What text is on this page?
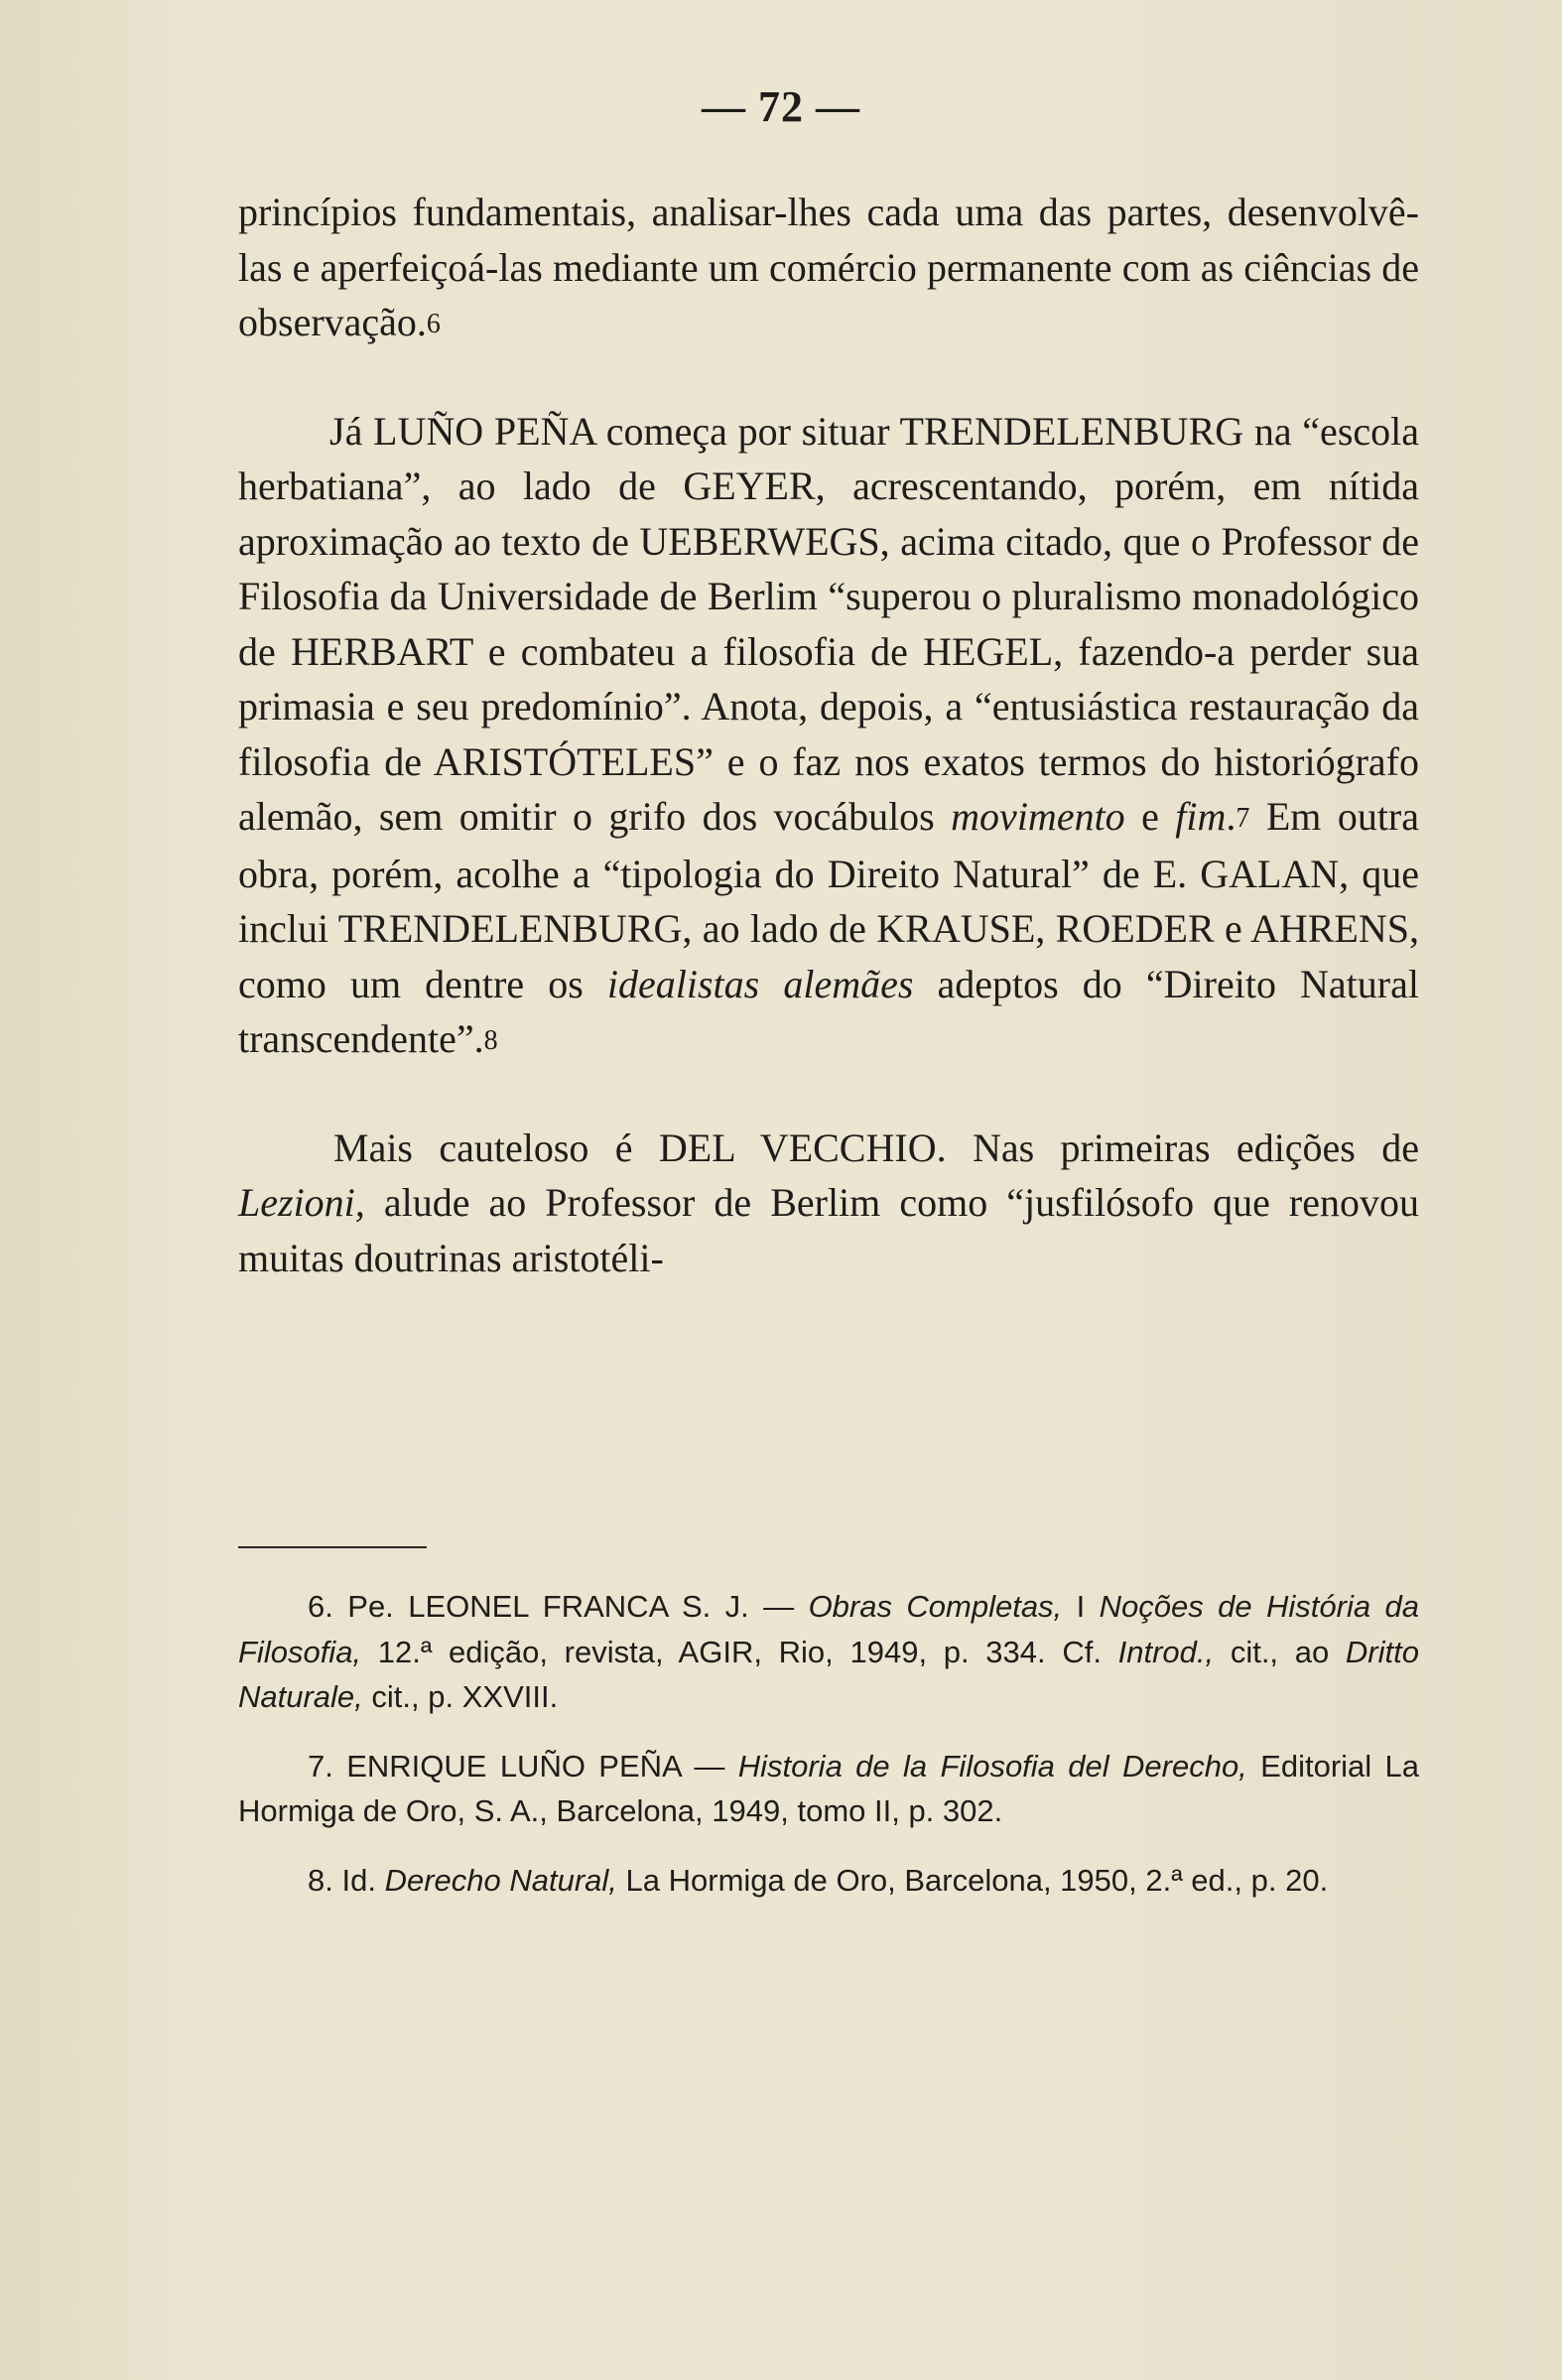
— 72 —

princípios fundamentais, analisar-lhes cada uma das partes, desenvolvê-las e aperfeiçoá-las mediante um comércio permanente com as ciências de observação.6

Já LUÑO PEÑA começa por situar TRENDELENBURG na “escola herbatiana”, ao lado de GEYER, acrescentando, porém, em nítida aproximação ao texto de UEBERWEGS, acima citado, que o Professor de Filosofia da Universidade de Berlim “superou o pluralismo monadológico de HERBART e combateu a filosofia de HEGEL, fazendo-a perder sua primasia e seu predomínio”. Anota, depois, a “entusiástica restauração da filosofia de ARISTÓTELES” e o faz nos exatos termos do historiógrafo alemão, sem omitir o grifo dos vocábulos movimento e fim.7 Em outra obra, porém, acolhe a “tipologia do Direito Natural” de E. GALAN, que inclui TRENDELENBURG, ao lado de KRAUSE, ROEDER e AHRENS, como um dentre os idealistas alemães adeptos do “Direito Natural transcendente”.8

Mais cauteloso é DEL VECCHIO. Nas primeiras edições de Lezioni, alude ao Professor de Berlim como “jusfilósofo que renovou muitas doutrinas aristotéli-

6. Pe. LEONEL FRANCA S. J. — Obras Completas, I Noções de História da Filosofia, 12.ª edição, revista, AGIR, Rio, 1949, p. 334. Cf. Introd., cit., ao Dritto Naturale, cit., p. XXVIII.

7. ENRIQUE LUÑO PEÑA — Historia de la Filosofia del Derecho, Editorial La Hormiga de Oro, S. A., Barcelona, 1949, tomo II, p. 302.

8. Id. Derecho Natural, La Hormiga de Oro, Barcelona, 1950, 2.ª ed., p. 20.
